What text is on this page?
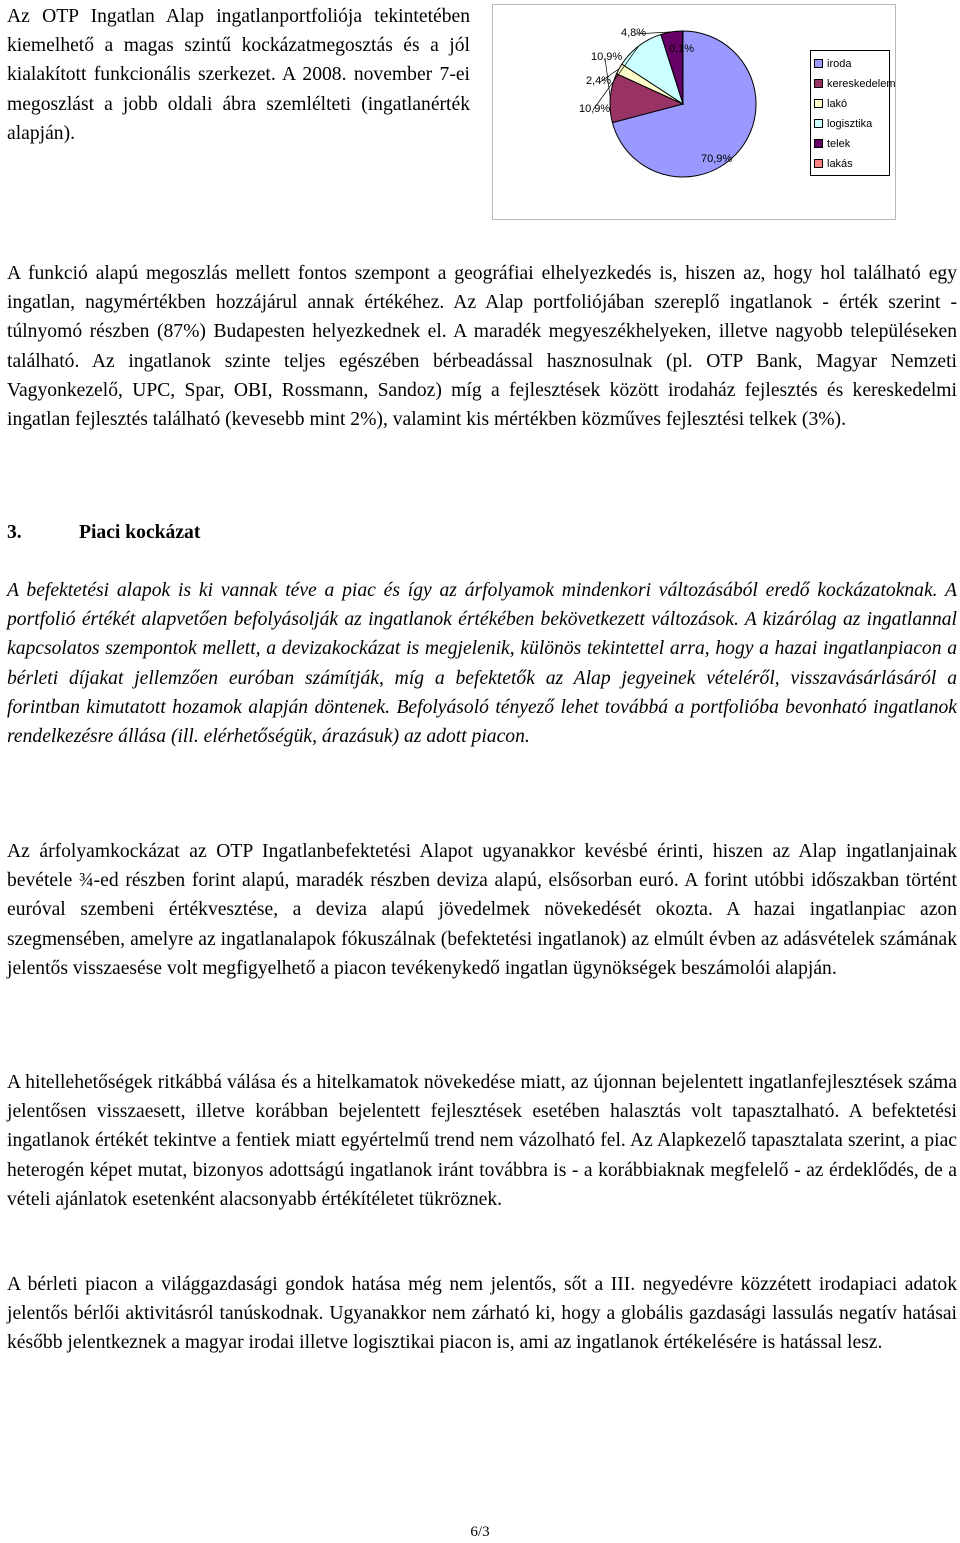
Az OTP Ingatlan Alap ingatlanportfoliója tekintetében kiemelhető a magas szintű kockázatmegosztás és a jól kialakított funkcionális szerkezet. A 2008. november 7-ei megoszlást a jobb oldali ábra szemlélteti (ingatlanérték alapján).

70,9%
10,9%
2,4%
10,9%
4,8%
0,1%
iroda
kereskedelem
lakó
logisztika
telek
lakás

A funkció alapú megoszlás mellett fontos szempont a geográfiai elhelyezkedés is, hiszen az, hogy hol található egy ingatlan, nagymértékben hozzájárul annak értékéhez. Az Alap portfoliójában szereplő ingatlanok - érték szerint - túlnyomó részben (87%) Budapesten helyezkednek el. A maradék megyeszékhelyeken, illetve nagyobb településeken található. Az ingatlanok szinte teljes egészében bérbeadással hasznosulnak (pl. OTP Bank, Magyar Nemzeti Vagyonkezelő, UPC, Spar, OBI, Rossmann, Sandoz) míg a fejlesztések között irodaház fejlesztés és kereskedelmi ingatlan fejlesztés található (kevesebb mint 2%), valamint kis mértékben közműves fejlesztési telkek (3%).

3.	Piaci kockázat

A befektetési alapok is ki vannak téve a piac és így az árfolyamok mindenkori változásából eredő kockázatoknak. A portfolió értékét alapvetően befolyásolják az ingatlanok értékében bekövetkezett változások. A kizárólag az ingatlannal kapcsolatos szempontok mellett, a devizakockázat is megjelenik, különös tekintettel arra, hogy a hazai ingatlanpiacon a bérleti díjakat jellemzően euróban számítják, míg a befektetők az Alap jegyeinek vételéről, visszavásárlásáról a forintban kimutatott hozamok alapján döntenek. Befolyásoló tényező lehet továbbá a portfolióba bevonható ingatlanok rendelkezésre állása (ill. elérhetőségük, árazásuk) az adott piacon.

Az árfolyamkockázat az OTP Ingatlanbefektetési Alapot ugyanakkor kevésbé érinti, hiszen az Alap ingatlanjainak bevétele ¾-ed részben forint alapú, maradék részben deviza alapú, elsősorban euró. A forint utóbbi időszakban történt euróval szembeni értékvesztése, a deviza alapú jövedelmek növekedését okozta. A hazai ingatlanpiac azon szegmensében, amelyre az ingatlanalapok fókuszálnak (befektetési ingatlanok) az elmúlt évben az adásvételek számának jelentős visszaesése volt megfigyelhető a piacon tevékenykedő ingatlan ügynökségek beszámolói alapján.

A hitellehetőségek ritkábbá válása és a hitelkamatok növekedése miatt, az újonnan bejelentett ingatlanfejlesztések száma jelentősen visszaesett, illetve korábban bejelentett fejlesztések esetében halasztás volt tapasztalható. A befektetési ingatlanok értékét tekintve a fentiek miatt egyértelmű trend nem vázolható fel. Az Alapkezelő tapasztalata szerint, a piac heterogén képet mutat, bizonyos adottságú ingatlanok iránt továbbra is - a korábbiaknak megfelelő - az érdeklődés, de a vételi ajánlatok esetenként alacsonyabb értékítéletet tükröznek.

A bérleti piacon a világgazdasági gondok hatása még nem jelentős, sőt a III. negyedévre közzétett irodapiaci adatok jelentős bérlői aktivitásról tanúskodnak. Ugyanakkor nem zárható ki, hogy a globális gazdasági lassulás negatív hatásai később jelentkeznek a magyar irodai illetve logisztikai piacon is, ami az ingatlanok értékelésére is hatással lesz.

6/3
